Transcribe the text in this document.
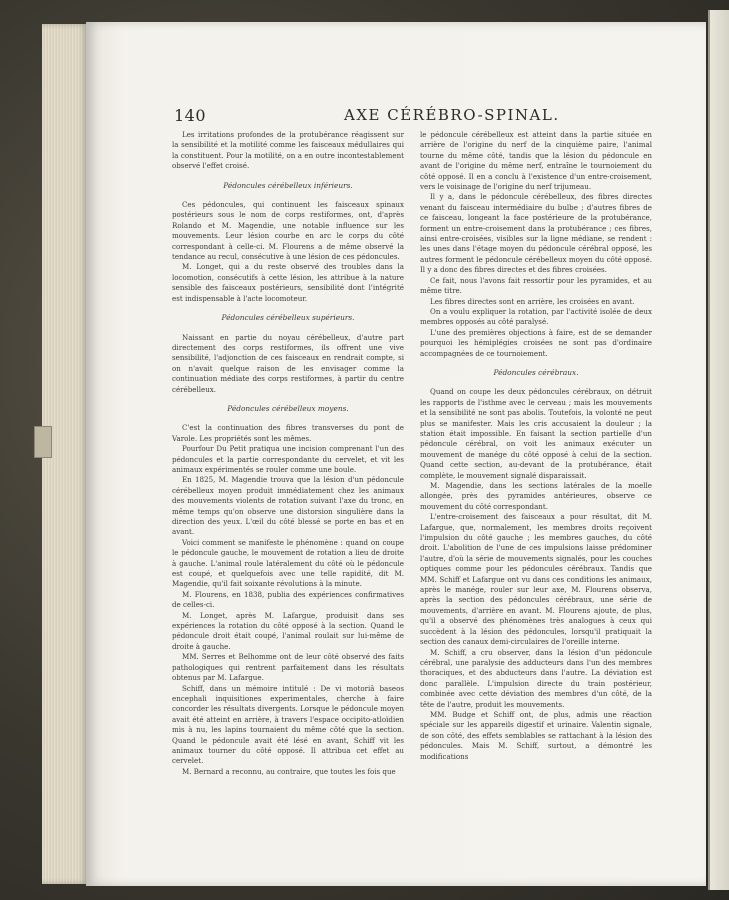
140	AXE CÉRÉBRO-SPINAL.

Les irritations profondes de la protubérance réagissent sur la sensibilité et la motilité comme les faisceaux médullaires qui la constituent. Pour la motilité, on a en outre incontestablement observé l'effet croisé.

Pédoncules cérébelleux inférieurs.

Ces pédoncules, qui continuent les faisceaux spinaux postérieurs sous le nom de corps restiformes, ont, d'après Rolando et M. Magendie, une notable influence sur les mouvements. Leur lésion courbe en arc le corps du côté correspondant à celle-ci. M. Flourens a de même observé la tendance au recul, consécutive à une lésion de ces pédoncules.

M. Longet, qui a du reste observé des troubles dans la locomotion, consécutifs à cette lésion, les attribue à la nature sensible des faisceaux postérieurs, sensibilité dont l'intégrité est indispensable à l'acte locomoteur.

Pédoncules cérébelleux supérieurs.

Naissant en partie du noyau cérébelleux, d'autre part directement des corps restiformes, ils offrent une vive sensibilité, l'adjonction de ces faisceaux en rendrait compte, si on n'avait quelque raison de les envisager comme la continuation médiate des corps restiformes, à partir du centre cérébelleux.

Pédoncules cérébelleux moyens.

C'est la continuation des fibres transverses du pont de Varole. Les propriétés sont les mêmes.

Pourfour Du Petit pratiqua une incision comprenant l'un des pédoncules et la partie correspondante du cervelet, et vit les animaux expérimentés se rouler comme une boule.

En 1825, M. Magendie trouva que la lésion d'un pédoncule cérébelleux moyen produit immédiatement chez les animaux des mouvements violents de rotation suivant l'axe du tronc, en même temps qu'on observe une distorsion singulière dans la direction des yeux. L'œil du côté blessé se porte en bas et en avant.

Voici comment se manifeste le phénomène : quand on coupe le pédoncule gauche, le mouvement de rotation a lieu de droite à gauche. L'animal roule latéralement du côté où le pédoncule est coupé, et quelquefois avec une telle rapidité, dit M. Magendie, qu'il fait soixante révolutions à la minute.

M. Flourens, en 1838, publia des expériences confirmatives de celles-ci.

M. Longet, après M. Lafargue, produisit dans ses expériences la rotation du côté opposé à la section. Quand le pédoncule droit était coupé, l'animal roulait sur lui-même de droite à gauche.

MM. Serres et Belhomme ont de leur côté observé des faits pathologiques qui rentrent parfaitement dans les résultats obtenus par M. Lafargue.

Schiff, dans un mémoire intitulé : De vi motoriâ baseos encephali inquisitiones experimentales, cherche à faire concorder les résultats divergents. Lorsque le pédoncule moyen avait été atteint en arrière, à travers l'espace occipito-atloïdien mis à nu, les lapins tournaient du même côté que la section. Quand le pédoncule avait été lésé en avant, Schiff vit les animaux tourner du côté opposé. Il attribua cet effet au cervelet.

M. Bernard a reconnu, au contraire, que toutes les fois que

le pédoncule cérébelleux est atteint dans la partie située en arrière de l'origine du nerf de la cinquième paire, l'animal tourne du même côté, tandis que la lésion du pédoncule en avant de l'origine du même nerf, entraîne le tournoiement du côté opposé. Il en a conclu à l'existence d'un entre-croisement, vers le voisinage de l'origine du nerf trijumeau.

Il y a, dans le pédoncule cérébelleux, des fibres directes venant du faisceau intermédiaire du bulbe ; d'autres fibres de ce faisceau, longeant la face postérieure de la protubérance, forment un entre-croisement dans la protubérance ; ces fibres, ainsi entre-croisées, visibles sur la ligne médiane, se rendent : les unes dans l'étage moyen du pédoncule cérébral opposé, les autres forment le pédoncule cérébelleux moyen du côté opposé. Il y a donc des fibres directes et des fibres croisées.

Ce fait, nous l'avons fait ressortir pour les pyramides, et au même titre.

Les fibres directes sont en arrière, les croisées en avant.

On a voulu expliquer la rotation, par l'activité isolée de deux membres opposés au côté paralysé.

L'une des premières objections à faire, est de se demander pourquoi les hémiplégies croisées ne sont pas d'ordinaire accompagnées de ce tournoiement.

Pédoncules cérébraux.

Quand on coupe les deux pédoncules cérébraux, on détruit les rapports de l'isthme avec le cerveau ; mais les mouvements et la sensibilité ne sont pas abolis. Toutefois, la volonté ne peut plus se manifester. Mais les cris accusaient la douleur ; la station était impossible. En faisant la section partielle d'un pédoncule cérébral, on voit les animaux exécuter un mouvement de manége du côté opposé à celui de la section. Quand cette section, au-devant de la protubérance, était complète, le mouvement signalé disparaissait.

M. Magendie, dans les sections latérales de la moelle allongée, près des pyramides antérieures, observe ce mouvement du côté correspondant.

L'entre-croisement des faisceaux a pour résultat, dit M. Lafargue, que, normalement, les membres droits reçoivent l'impulsion du côté gauche ; les membres gauches, du côté droit. L'abolition de l'une de ces impulsions laisse prédominer l'autre, d'où la série de mouvements signalés, pour les couches optiques comme pour les pédoncules cérébraux. Tandis que MM. Schiff et Lafargue ont vu dans ces conditions les animaux, après le manége, rouler sur leur axe, M. Flourens observa, après la section des pédoncules cérébraux, une série de mouvements, d'arrière en avant. M. Flourens ajoute, de plus, qu'il a observé des phénomènes très analogues à ceux qui succèdent à la lésion des pédoncules, lorsqu'il pratiquait la section des canaux demi-circulaires de l'oreille interne.

M. Schiff, a cru observer, dans la lésion d'un pédoncule cérébral, une paralysie des adducteurs dans l'un des membres thoraciques, et des abducteurs dans l'autre. La déviation est donc parallèle. L'impulsion directe du train postérieur, combinée avec cette déviation des membres d'un côté, de la tête de l'autre, produit les mouvements.

MM. Budge et Schiff ont, de plus, admis une réaction spéciale sur les appareils digestif et urinaire. Valentin signale, de son côté, des effets semblables se rattachant à la lésion des pédoncules. Mais M. Schiff, surtout, a démontré les modifications
